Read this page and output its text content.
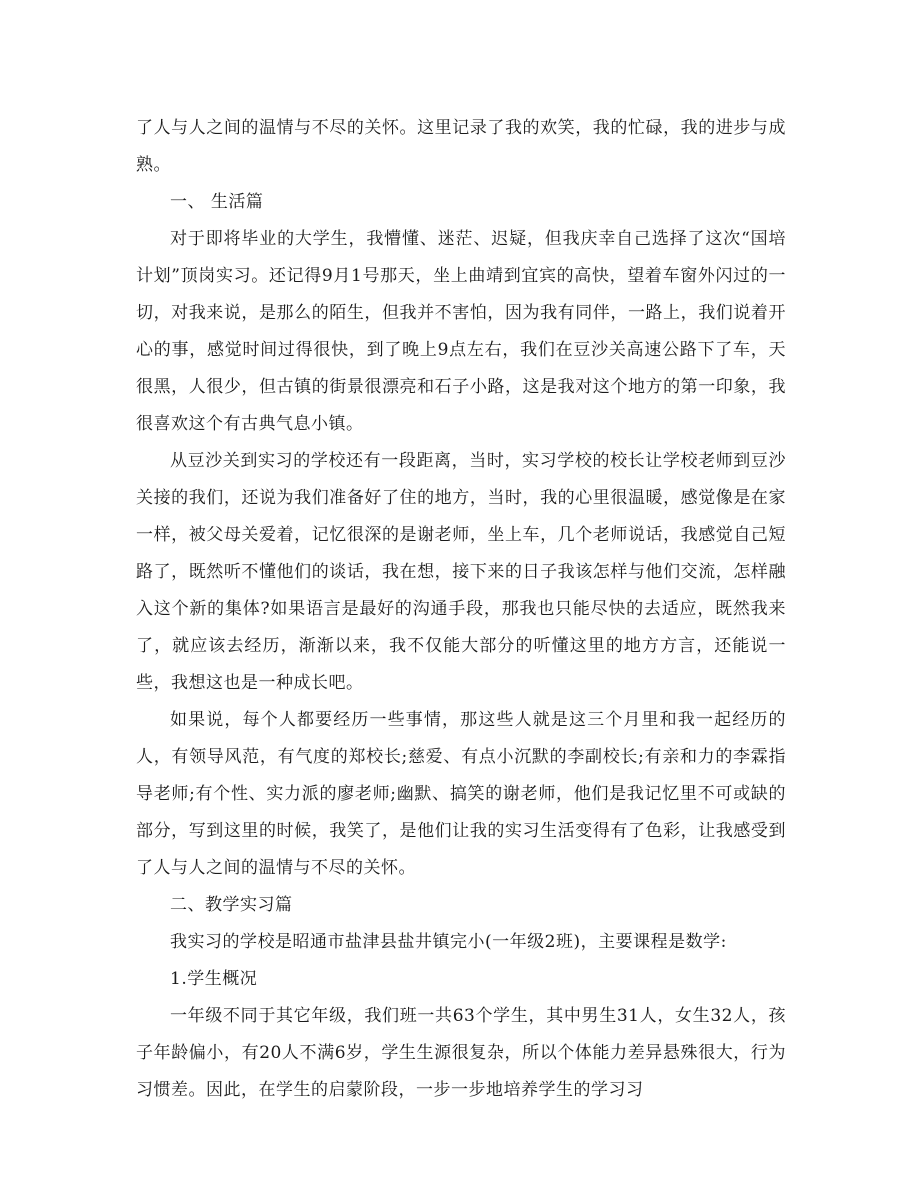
了人与人之间的温情与不尽的关怀。这里记录了我的欢笑，我的忙碌，我的进步与成熟。

一、 生活篇

对于即将毕业的大学生，我懵懂、迷茫、迟疑，但我庆幸自己选择了这次“国培计划”顶岗实习。还记得9月1号那天，坐上曲靖到宜宾的高快，望着车窗外闪过的一切，对我来说，是那么的陌生，但我并不害怕，因为我有同伴，一路上，我们说着开心的事，感觉时间过得很快，到了晚上9点左右，我们在豆沙关高速公路下了车，天很黑，人很少，但古镇的街景很漂亮和石子小路，这是我对这个地方的第一印象，我很喜欢这个有古典气息小镇。

从豆沙关到实习的学校还有一段距离，当时，实习学校的校长让学校老师到豆沙关接的我们，还说为我们准备好了住的地方，当时，我的心里很温暖，感觉像是在家一样，被父母关爱着，记忆很深的是谢老师，坐上车，几个老师说话，我感觉自己短路了，既然听不懂他们的谈话，我在想，接下来的日子我该怎样与他们交流，怎样融入这个新的集体?如果语言是最好的沟通手段，那我也只能尽快的去适应，既然我来了，就应该去经历，渐渐以来，我不仅能大部分的听懂这里的地方方言，还能说一些，我想这也是一种成长吧。

如果说，每个人都要经历一些事情，那这些人就是这三个月里和我一起经历的人，有领导风范，有气度的郑校长;慈爱、有点小沉默的李副校长;有亲和力的李霖指导老师;有个性、实力派的廖老师;幽默、搞笑的谢老师，他们是我记忆里不可或缺的部分，写到这里的时候，我笑了，是他们让我的实习生活变得有了色彩，让我感受到了人与人之间的温情与不尽的关怀。

二、教学实习篇

我实习的学校是昭通市盐津县盐井镇完小(一年级2班)，主要课程是数学:

1.学生概况

一年级不同于其它年级，我们班一共63个学生，其中男生31人，女生32人，孩子年龄偏小，有20人不满6岁，学生生源很复杂，所以个体能力差异悬殊很大，行为习惯差。因此，在学生的启蒙阶段，一步一步地培养学生的学习习
